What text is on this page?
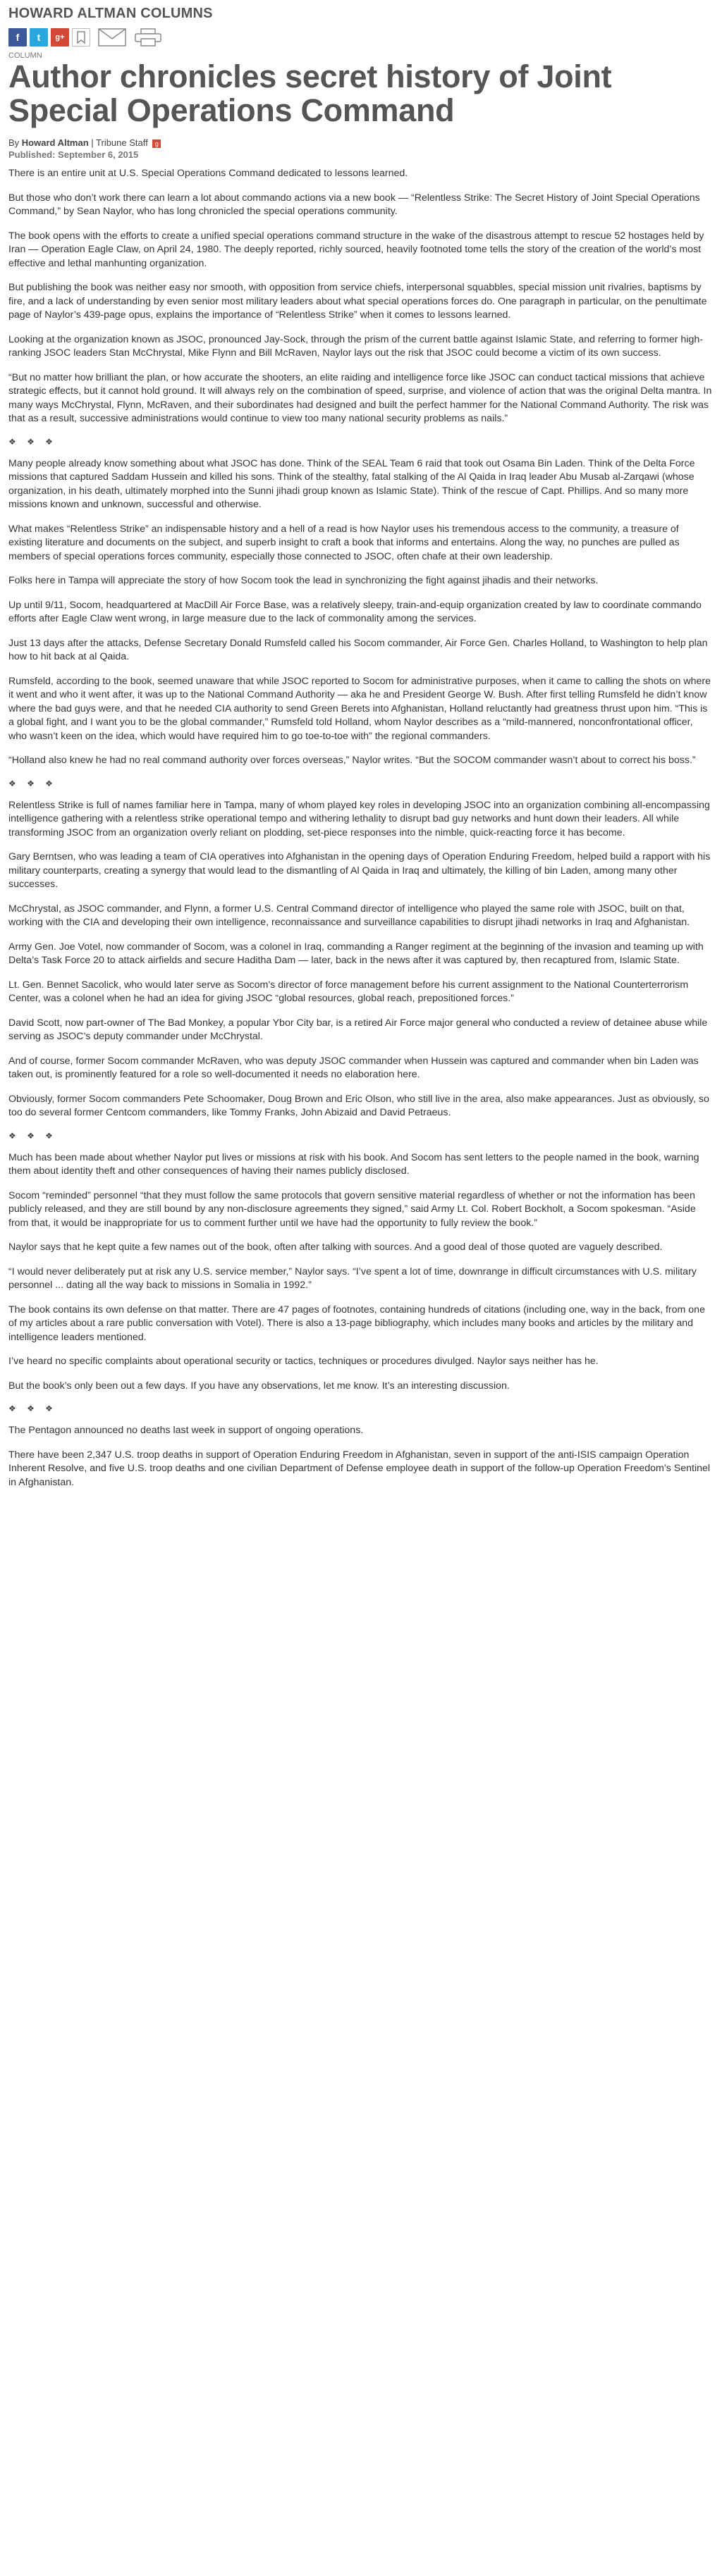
HOWARD ALTMAN COLUMNS
f t g+
COLUMN
Author chronicles secret history of Joint Special Operations Command
By Howard Altman | Tribune Staff g
Published: September 6, 2015

There is an entire unit at U.S. Special Operations Command dedicated to lessons learned.

But those who don’t work there can learn a lot about commando actions via a new book — “Relentless Strike: The Secret History of Joint Special Operations Command,” by Sean Naylor, who has long chronicled the special operations community.

The book opens with the efforts to create a unified special operations command structure in the wake of the disastrous attempt to rescue 52 hostages held by Iran — Operation Eagle Claw, on April 24, 1980. The deeply reported, richly sourced, heavily footnoted tome tells the story of the creation of the world’s most effective and lethal manhunting organization.

But publishing the book was neither easy nor smooth, with opposition from service chiefs, interpersonal squabbles, special mission unit rivalries, baptisms by fire, and a lack of understanding by even senior most military leaders about what special operations forces do. One paragraph in particular, on the penultimate page of Naylor’s 439-page opus, explains the importance of “Relentless Strike” when it comes to lessons learned.

Looking at the organization known as JSOC, pronounced Jay-Sock, through the prism of the current battle against Islamic State, and referring to former high-ranking JSOC leaders Stan McChrystal, Mike Flynn and Bill McRaven, Naylor lays out the risk that JSOC could become a victim of its own success.

“But no matter how brilliant the plan, or how accurate the shooters, an elite raiding and intelligence force like JSOC can conduct tactical missions that achieve strategic effects, but it cannot hold ground. It will always rely on the combination of speed, surprise, and violence of action that was the original Delta mantra. In many ways McChrystal, Flynn, McRaven, and their subordinates had designed and built the perfect hammer for the National Command Authority. The risk was that as a result, successive administrations would continue to view too many national security problems as nails.”

❖ ❖ ❖

Many people already know something about what JSOC has done. Think of the SEAL Team 6 raid that took out Osama Bin Laden. Think of the Delta Force missions that captured Saddam Hussein and killed his sons. Think of the stealthy, fatal stalking of the Al Qaida in Iraq leader Abu Musab al-Zarqawi (whose organization, in his death, ultimately morphed into the Sunni jihadi group known as Islamic State). Think of the rescue of Capt. Phillips. And so many more missions known and unknown, successful and otherwise.

What makes “Relentless Strike” an indispensable history and a hell of a read is how Naylor uses his tremendous access to the community, a treasure of existing literature and documents on the subject, and superb insight to craft a book that informs and entertains. Along the way, no punches are pulled as members of special operations forces community, especially those connected to JSOC, often chafe at their own leadership.

Folks here in Tampa will appreciate the story of how Socom took the lead in synchronizing the fight against jihadis and their networks.

Up until 9/11, Socom, headquartered at MacDill Air Force Base, was a relatively sleepy, train-and-equip organization created by law to coordinate commando efforts after Eagle Claw went wrong, in large measure due to the lack of commonality among the services.

Just 13 days after the attacks, Defense Secretary Donald Rumsfeld called his Socom commander, Air Force Gen. Charles Holland, to Washington to help plan how to hit back at al Qaida.

Rumsfeld, according to the book, seemed unaware that while JSOC reported to Socom for administrative purposes, when it came to calling the shots on where it went and who it went after, it was up to the National Command Authority — aka he and President George W. Bush. After first telling Rumsfeld he didn’t know where the bad guys were, and that he needed CIA authority to send Green Berets into Afghanistan, Holland reluctantly had greatness thrust upon him. “This is a global fight, and I want you to be the global commander,” Rumsfeld told Holland, whom Naylor describes as a “mild-mannered, nonconfrontational officer, who wasn’t keen on the idea, which would have required him to go toe-to-toe with” the regional commanders.

“Holland also knew he had no real command authority over forces overseas,” Naylor writes. “But the SOCOM commander wasn’t about to correct his boss.”

❖ ❖ ❖

Relentless Strike is full of names familiar here in Tampa, many of whom played key roles in developing JSOC into an organization combining all-encompassing intelligence gathering with a relentless strike operational tempo and withering lethality to disrupt bad guy networks and hunt down their leaders. All while transforming JSOC from an organization overly reliant on plodding, set-piece responses into the nimble, quick-reacting force it has become.

Gary Berntsen, who was leading a team of CIA operatives into Afghanistan in the opening days of Operation Enduring Freedom, helped build a rapport with his military counterparts, creating a synergy that would lead to the dismantling of Al Qaida in Iraq and ultimately, the killing of bin Laden, among many other successes.

McChrystal, as JSOC commander, and Flynn, a former U.S. Central Command director of intelligence who played the same role with JSOC, built on that, working with the CIA and developing their own intelligence, reconnaissance and surveillance capabilities to disrupt jihadi networks in Iraq and Afghanistan.

Army Gen. Joe Votel, now commander of Socom, was a colonel in Iraq, commanding a Ranger regiment at the beginning of the invasion and teaming up with Delta’s Task Force 20 to attack airfields and secure Haditha Dam — later, back in the news after it was captured by, then recaptured from, Islamic State.

Lt. Gen. Bennet Sacolick, who would later serve as Socom’s director of force management before his current assignment to the National Counterterrorism Center, was a colonel when he had an idea for giving JSOC “global resources, global reach, prepositioned forces.”

David Scott, now part-owner of The Bad Monkey, a popular Ybor City bar, is a retired Air Force major general who conducted a review of detainee abuse while serving as JSOC’s deputy commander under McChrystal.

And of course, former Socom commander McRaven, who was deputy JSOC commander when Hussein was captured and commander when bin Laden was taken out, is prominently featured for a role so well-documented it needs no elaboration here.

Obviously, former Socom commanders Pete Schoomaker, Doug Brown and Eric Olson, who still live in the area, also make appearances. Just as obviously, so too do several former Centcom commanders, like Tommy Franks, John Abizaid and David Petraeus.

❖ ❖ ❖

Much has been made about whether Naylor put lives or missions at risk with his book. And Socom has sent letters to the people named in the book, warning them about identity theft and other consequences of having their names publicly disclosed.

Socom “reminded” personnel “that they must follow the same protocols that govern sensitive material regardless of whether or not the information has been publicly released, and they are still bound by any non-disclosure agreements they signed,” said Army Lt. Col. Robert Bockholt, a Socom spokesman. “Aside from that, it would be inappropriate for us to comment further until we have had the opportunity to fully review the book.”

Naylor says that he kept quite a few names out of the book, often after talking with sources. And a good deal of those quoted are vaguely described.

“I would never deliberately put at risk any U.S. service member,” Naylor says. “I’ve spent a lot of time, downrange in difficult circumstances with U.S. military personnel ... dating all the way back to missions in Somalia in 1992.”

The book contains its own defense on that matter. There are 47 pages of footnotes, containing hundreds of citations (including one, way in the back, from one of my articles about a rare public conversation with Votel). There is also a 13-page bibliography, which includes many books and articles by the military and intelligence leaders mentioned.

I’ve heard no specific complaints about operational security or tactics, techniques or procedures divulged. Naylor says neither has he.

But the book’s only been out a few days. If you have any observations, let me know. It’s an interesting discussion.

❖ ❖ ❖

The Pentagon announced no deaths last week in support of ongoing operations.

There have been 2,347 U.S. troop deaths in support of Operation Enduring Freedom in Afghanistan, seven in support of the anti-ISIS campaign Operation Inherent Resolve, and five U.S. troop deaths and one civilian Department of Defense employee death in support of the follow-up Operation Freedom’s Sentinel in Afghanistan.
